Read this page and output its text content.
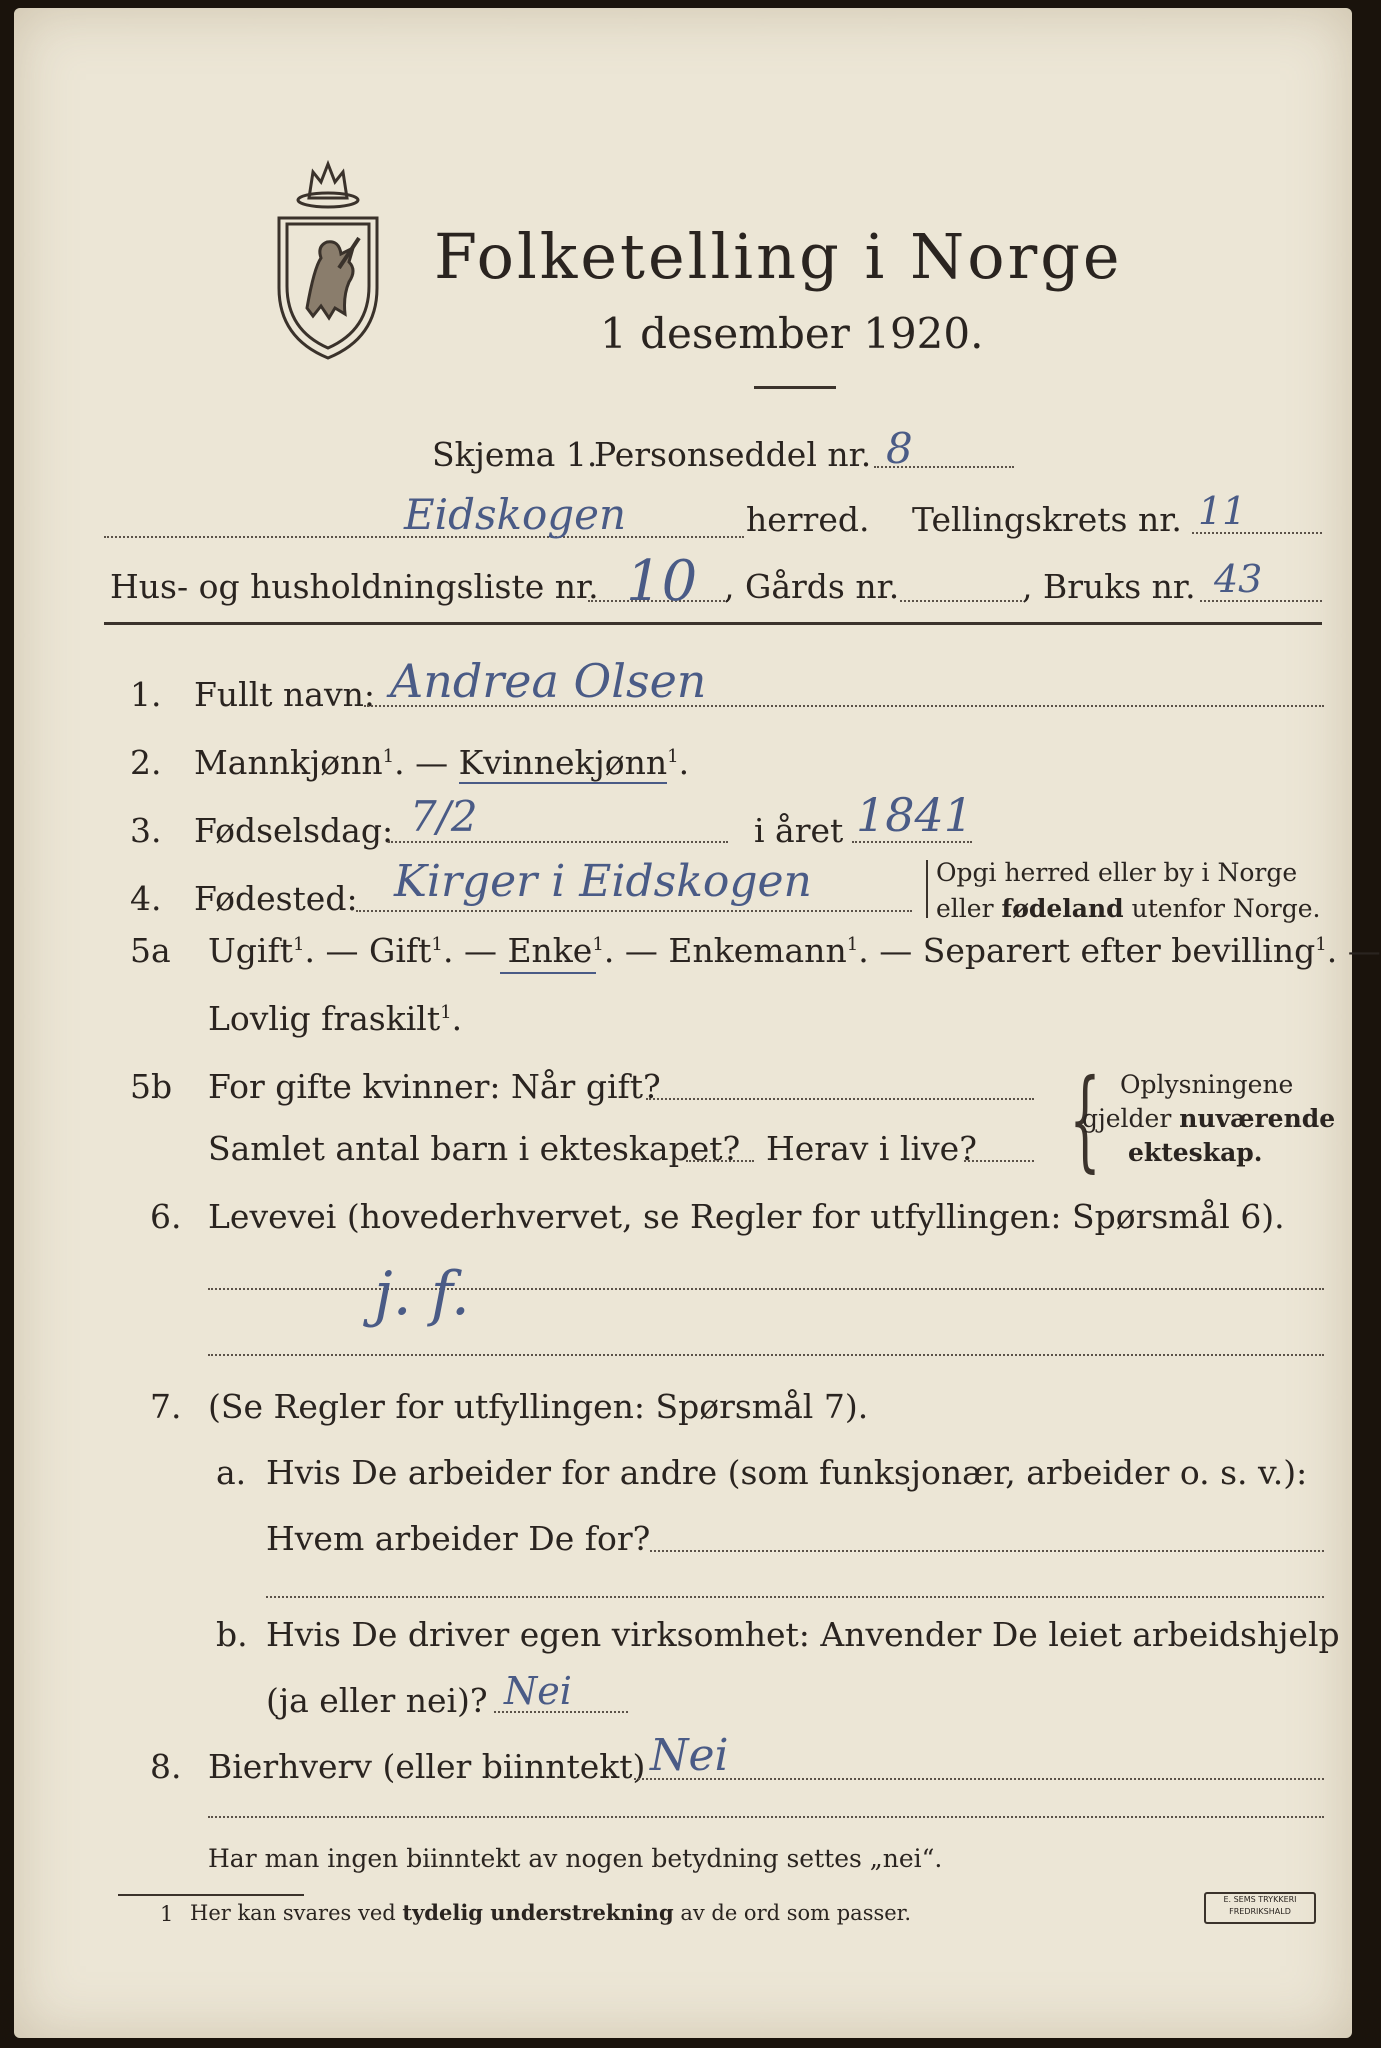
Folketelling i Norge
1 desember 1920.
Skjema 1.
Personseddel nr. 8
Eidskogen	herred. Tellingskrets nr. 11
Hus- og husholdningsliste nr. 10 , Gårds nr.	, Bruks nr. 43
1. Fullt navn: Andrea Olsen
2. Mannkjønn$^1$. — Kvinnekjønn$^1$.
3. Fødselsdag: 7/2	i året 1841
4. Fødested: Kirger i Eidskogen	Opgi herred eller by i Norge
eller fødeland utenfor Norge.
5a Ugift$^1$. — Gift$^1$. — Enke$^1$. — Enkemann$^1$. — Separert efter bevilling$^1$. —
Lovlig fraskilt$^1$.
5b For gifte kvinner: Når gift?
Samlet antal barn i ekteskapet? Herav i live? { Oplysningene
gjelder nuværende
ekteskap.
6. Levevei (hovederhvervet, se Regler for utfyllingen: Spørsmål 6).
j. f.
7. (Se Regler for utfyllingen: Spørsmål 7).
a. Hvis De arbeider for andre (som funksjonær, arbeider o. s. v.):
Hvem arbeider De for?
b. Hvis De driver egen virksomhet: Anvender De leiet arbeidshjelp
(ja eller nei)? Nei
8. Bierhverv (eller biinntekt) Nei
Har man ingen biinntekt av nogen betydning settes „nei“.
1 Her kan svares ved tydelig understrekning av de ord som passer.
E. SEMS TRYKKERI
FREDRIKSHALD
